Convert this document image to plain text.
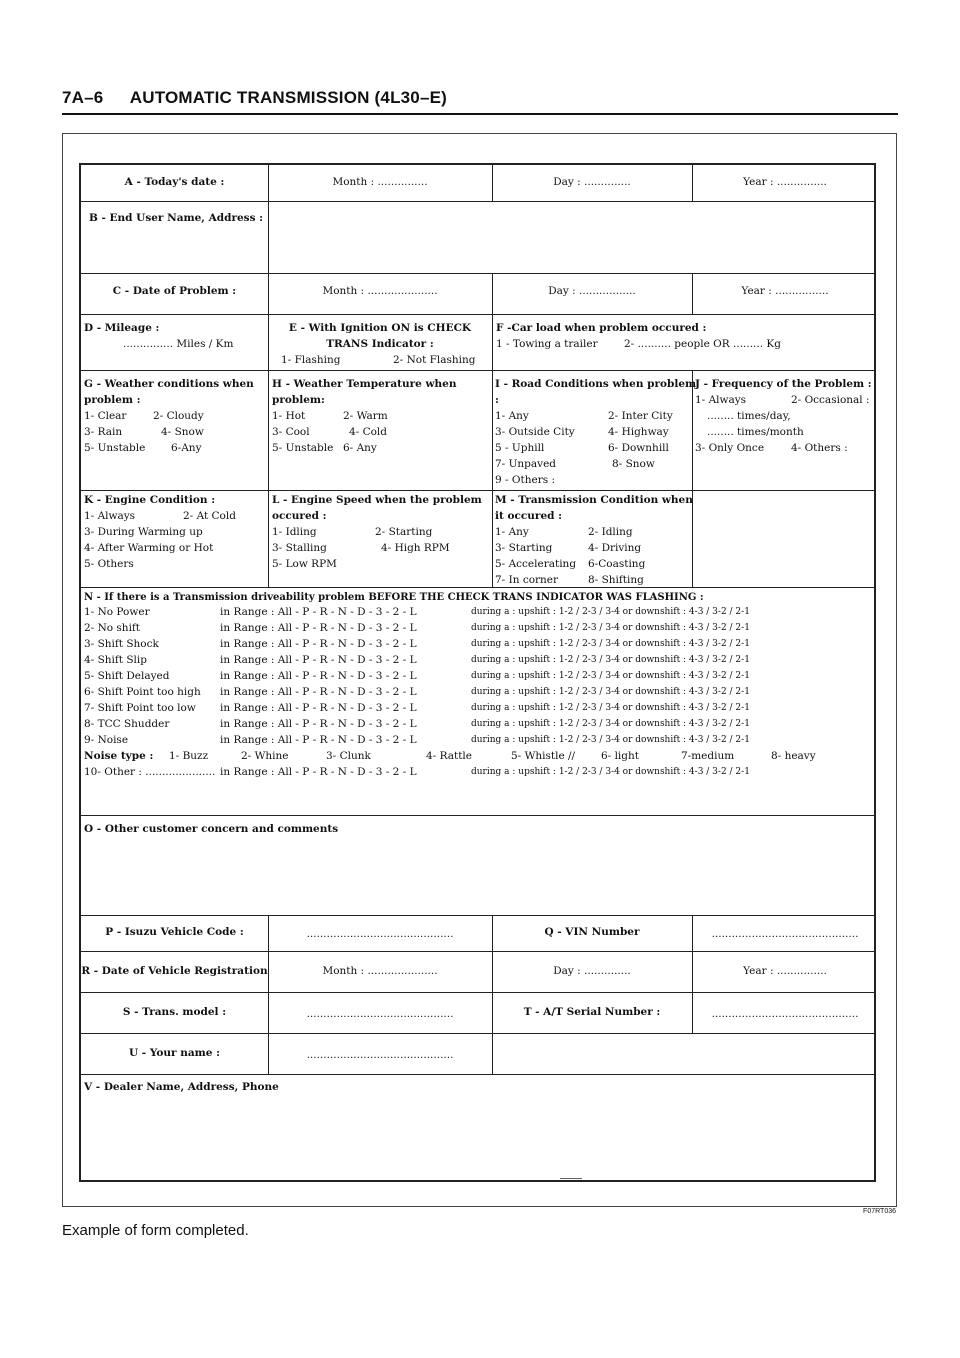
7A–6 AUTOMATIC TRANSMISSION (4L30–E)
A - Today's date :	Month : ...............	Day : ..............	Year : ...............
B - End User Name, Address :
C - Date of Problem :	Month : .....................	Day : .................	Year : ................
D - Mileage :
............... Miles / Km
E - With Ignition ON is CHECK
TRANS Indicator :
1- Flashing	2- Not Flashing
F -Car load when problem occured :
1 - Towing a trailer	2- .......... people OR ......... Kg
G - Weather conditions when
problem :
1- Clear	2- Cloudy
3- Rain	4- Snow
5- Unstable 6-Any
H - Weather Temperature when
problem:
1- Hot	2- Warm
3- Cool	4- Cold
5- Unstable 6- Any
I - Road Conditions when problem
:
1- Any	2- Inter City
3- Outside City	4- Highway
5 - Uphill	6- Downhill
7- Unpaved	8- Snow
9 - Others :
J - Frequency of the Problem :
1- Always	2- Occasional :
........ times/day,
........ times/month
3- Only Once	4- Others :
K - Engine Condition :
1- Always	2- At Cold
3- During Warming up
4- After Warming or Hot
5- Others
L - Engine Speed when the problem
occured :
1- Idling	2- Starting
3- Stalling	4- High RPM
5- Low RPM
M - Transmission Condition when
it occured :
1- Any	2- Idling
3- Starting	4- Driving
5- Accelerating 6-Coasting
7- In corner	8- Shifting
N - If there is a Transmission driveability problem BEFORE THE CHECK TRANS INDICATOR WAS FLASHING :
1- No Power	in Range : All - P - R - N - D - 3 - 2 - L	during a : upshift : 1-2 / 2-3 / 3-4 or downshift : 4-3 / 3-2 / 2-1
2- No shift	in Range : All - P - R - N - D - 3 - 2 - L	during a : upshift : 1-2 / 2-3 / 3-4 or downshift : 4-3 / 3-2 / 2-1
3- Shift Shock	in Range : All - P - R - N - D - 3 - 2 - L	during a : upshift : 1-2 / 2-3 / 3-4 or downshift : 4-3 / 3-2 / 2-1
4- Shift Slip	in Range : All - P - R - N - D - 3 - 2 - L	during a : upshift : 1-2 / 2-3 / 3-4 or downshift : 4-3 / 3-2 / 2-1
5- Shift Delayed	in Range : All - P - R - N - D - 3 - 2 - L	during a : upshift : 1-2 / 2-3 / 3-4 or downshift : 4-3 / 3-2 / 2-1
6- Shift Point too high in Range : All - P - R - N - D - 3 - 2 - L	during a : upshift : 1-2 / 2-3 / 3-4 or downshift : 4-3 / 3-2 / 2-1
7- Shift Point too low in Range : All - P - R - N - D - 3 - 2 - L	during a : upshift : 1-2 / 2-3 / 3-4 or downshift : 4-3 / 3-2 / 2-1
8- TCC Shudder	in Range : All - P - R - N - D - 3 - 2 - L	during a : upshift : 1-2 / 2-3 / 3-4 or downshift : 4-3 / 3-2 / 2-1
9- Noise	in Range : All - P - R - N - D - 3 - 2 - L	during a : upshift : 1-2 / 2-3 / 3-4 or downshift : 4-3 / 3-2 / 2-1
Noise type : 1- Buzz	2- Whine	3- Clunk	4- Rattle	5- Whistle // 6- light	7-medium	8- heavy
10- Other : ..................... in Range : All - P - R - N - D - 3 - 2 - L	during a : upshift : 1-2 / 2-3 / 3-4 or downshift : 4-3 / 3-2 / 2-1
O - Other customer concern and comments
P - Isuzu Vehicle Code :	............................................	Q - VIN Number	............................................
R - Date of Vehicle Registration	Month : .....................	Day : ..............	Year : ...............
S - Trans. model :	............................................	T - A/T Serial Number :	............................................
U - Your name :	............................................
V - Dealer Name, Address, Phone
F07RT036
Example of form completed.
